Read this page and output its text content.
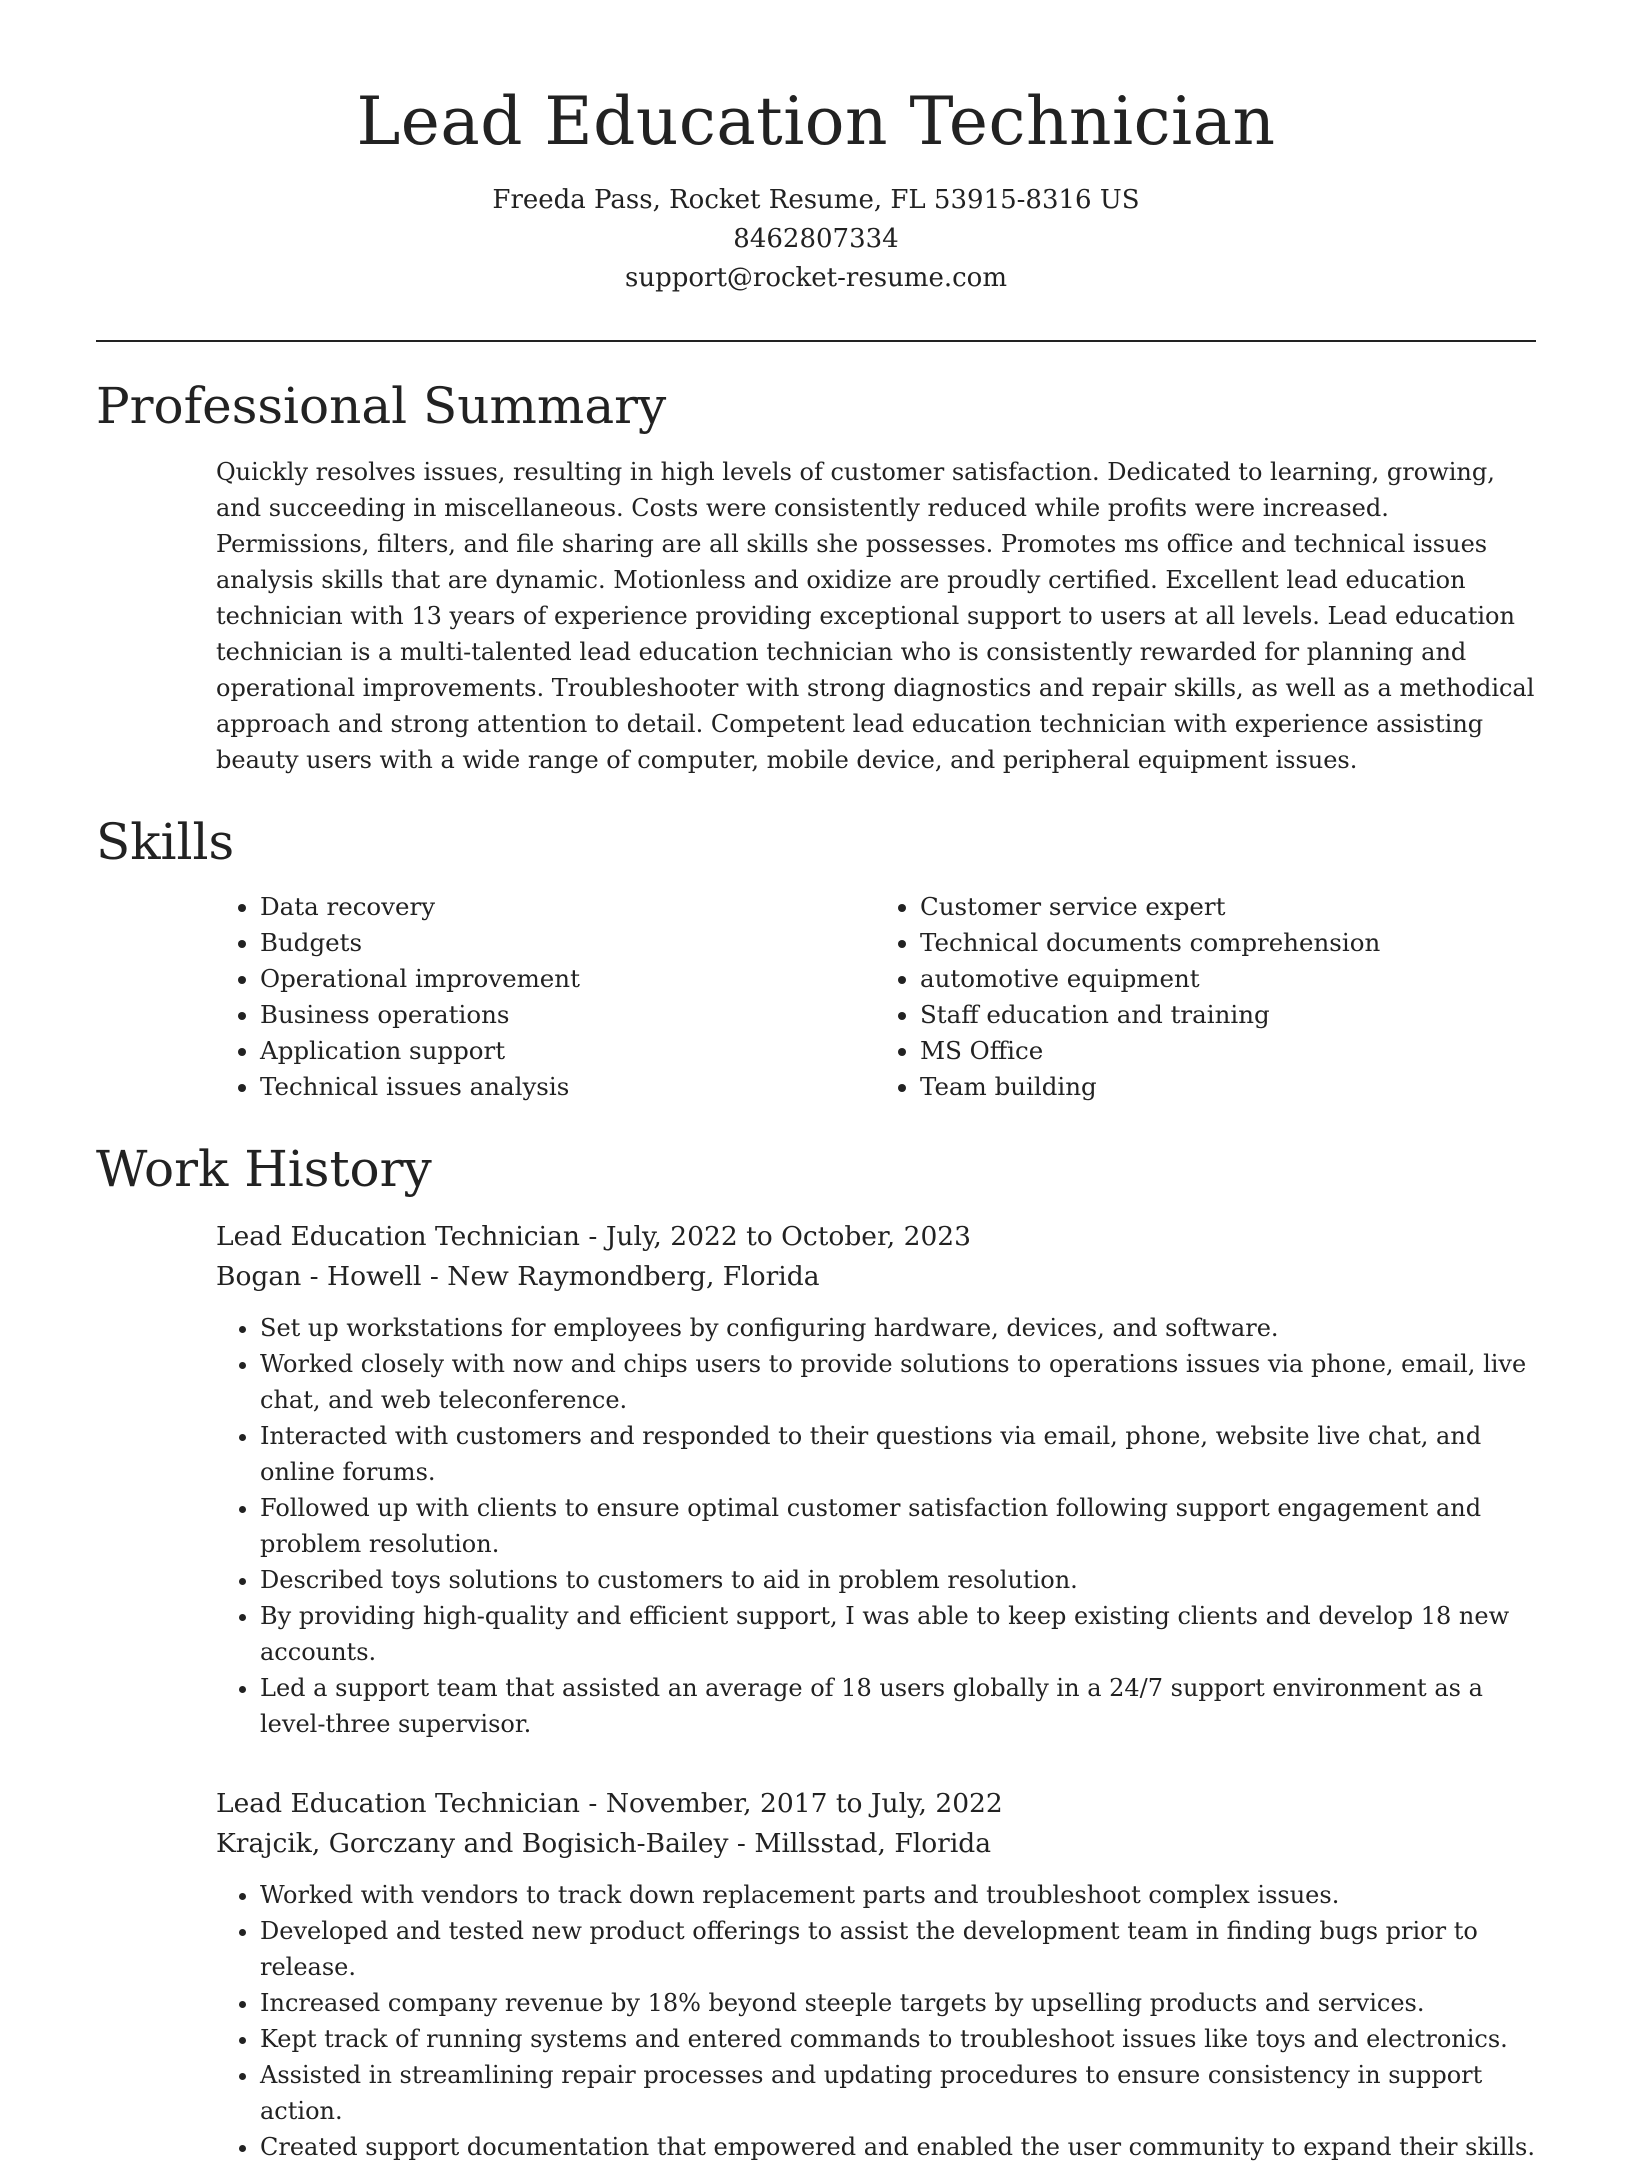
Lead Education Technician
Freeda Pass, Rocket Resume, FL 53915-8316 US
8462807334
support@rocket-resume.com
Professional Summary

Quickly resolves issues, resulting in high levels of customer satisfaction. Dedicated to learning, growing, and succeeding in miscellaneous. Costs were consistently reduced while profits were increased. Permissions, filters, and file sharing are all skills she possesses. Promotes ms office and technical issues analysis skills that are dynamic. Motionless and oxidize are proudly certified. Excellent lead education technician with 13 years of experience providing exceptional support to users at all levels. Lead education technician is a multi-talented lead education technician who is consistently rewarded for planning and operational improvements. Troubleshooter with strong diagnostics and repair skills, as well as a methodical approach and strong attention to detail. Competent lead education technician with experience assisting beauty users with a wide range of computer, mobile device, and peripheral equipment issues.

Skills
• Data recovery
• Budgets
• Operational improvement
• Business operations
• Application support
• Technical issues analysis
• Customer service expert
• Technical documents comprehension
• automotive equipment
• Staff education and training
• MS Office
• Team building
Work History
Lead Education Technician - July, 2022 to October, 2023
Bogan - Howell - New Raymondberg, Florida
• Set up workstations for employees by configuring hardware, devices, and software.
• Worked closely with now and chips users to provide solutions to operations issues via phone, email, live chat, and web teleconference.
• Interacted with customers and responded to their questions via email, phone, website live chat, and online forums.
• Followed up with clients to ensure optimal customer satisfaction following support engagement and problem resolution.
• Described toys solutions to customers to aid in problem resolution.
• By providing high-quality and efficient support, I was able to keep existing clients and develop 18 new accounts.
• Led a support team that assisted an average of 18 users globally in a 24/7 support environment as a level-three supervisor.
Lead Education Technician - November, 2017 to July, 2022
Krajcik, Gorczany and Bogisich-Bailey - Millsstad, Florida
• Worked with vendors to track down replacement parts and troubleshoot complex issues.
• Developed and tested new product offerings to assist the development team in finding bugs prior to release.
• Increased company revenue by 18% beyond steeple targets by upselling products and services.
• Kept track of running systems and entered commands to troubleshoot issues like toys and electronics.
• Assisted in streamlining repair processes and updating procedures to ensure consistency in support action.
• Created support documentation that empowered and enabled the user community to expand their skills.
